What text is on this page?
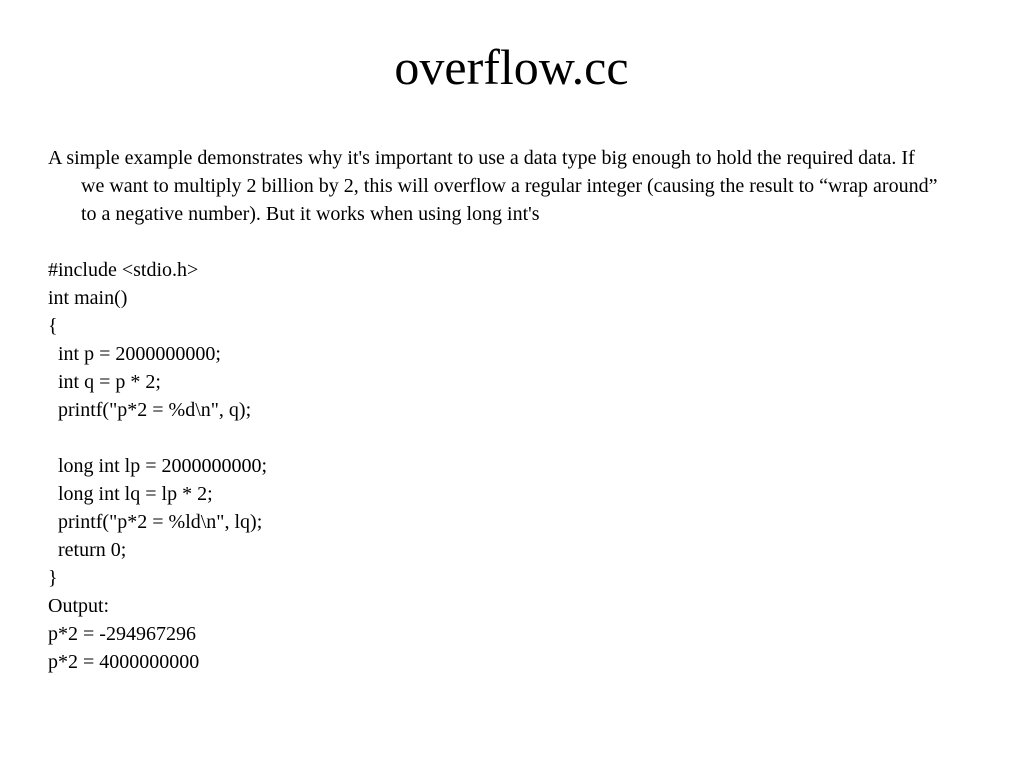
overflow.cc

A simple example demonstrates why it's important to use a data type big enough to hold the required data. If we want to multiply 2 billion by 2, this will overflow a regular integer (causing the result to “wrap around” to a negative number). But it works when using long int's

#include <stdio.h>
int main()
{
int p = 2000000000;
int q = p * 2;
printf("p*2 = %d\n", q);
long int lp = 2000000000;
long int lq = lp * 2;
printf("p*2 = %ld\n", lq);
return 0;
}
Output:
p*2 = -294967296
p*2 = 4000000000
